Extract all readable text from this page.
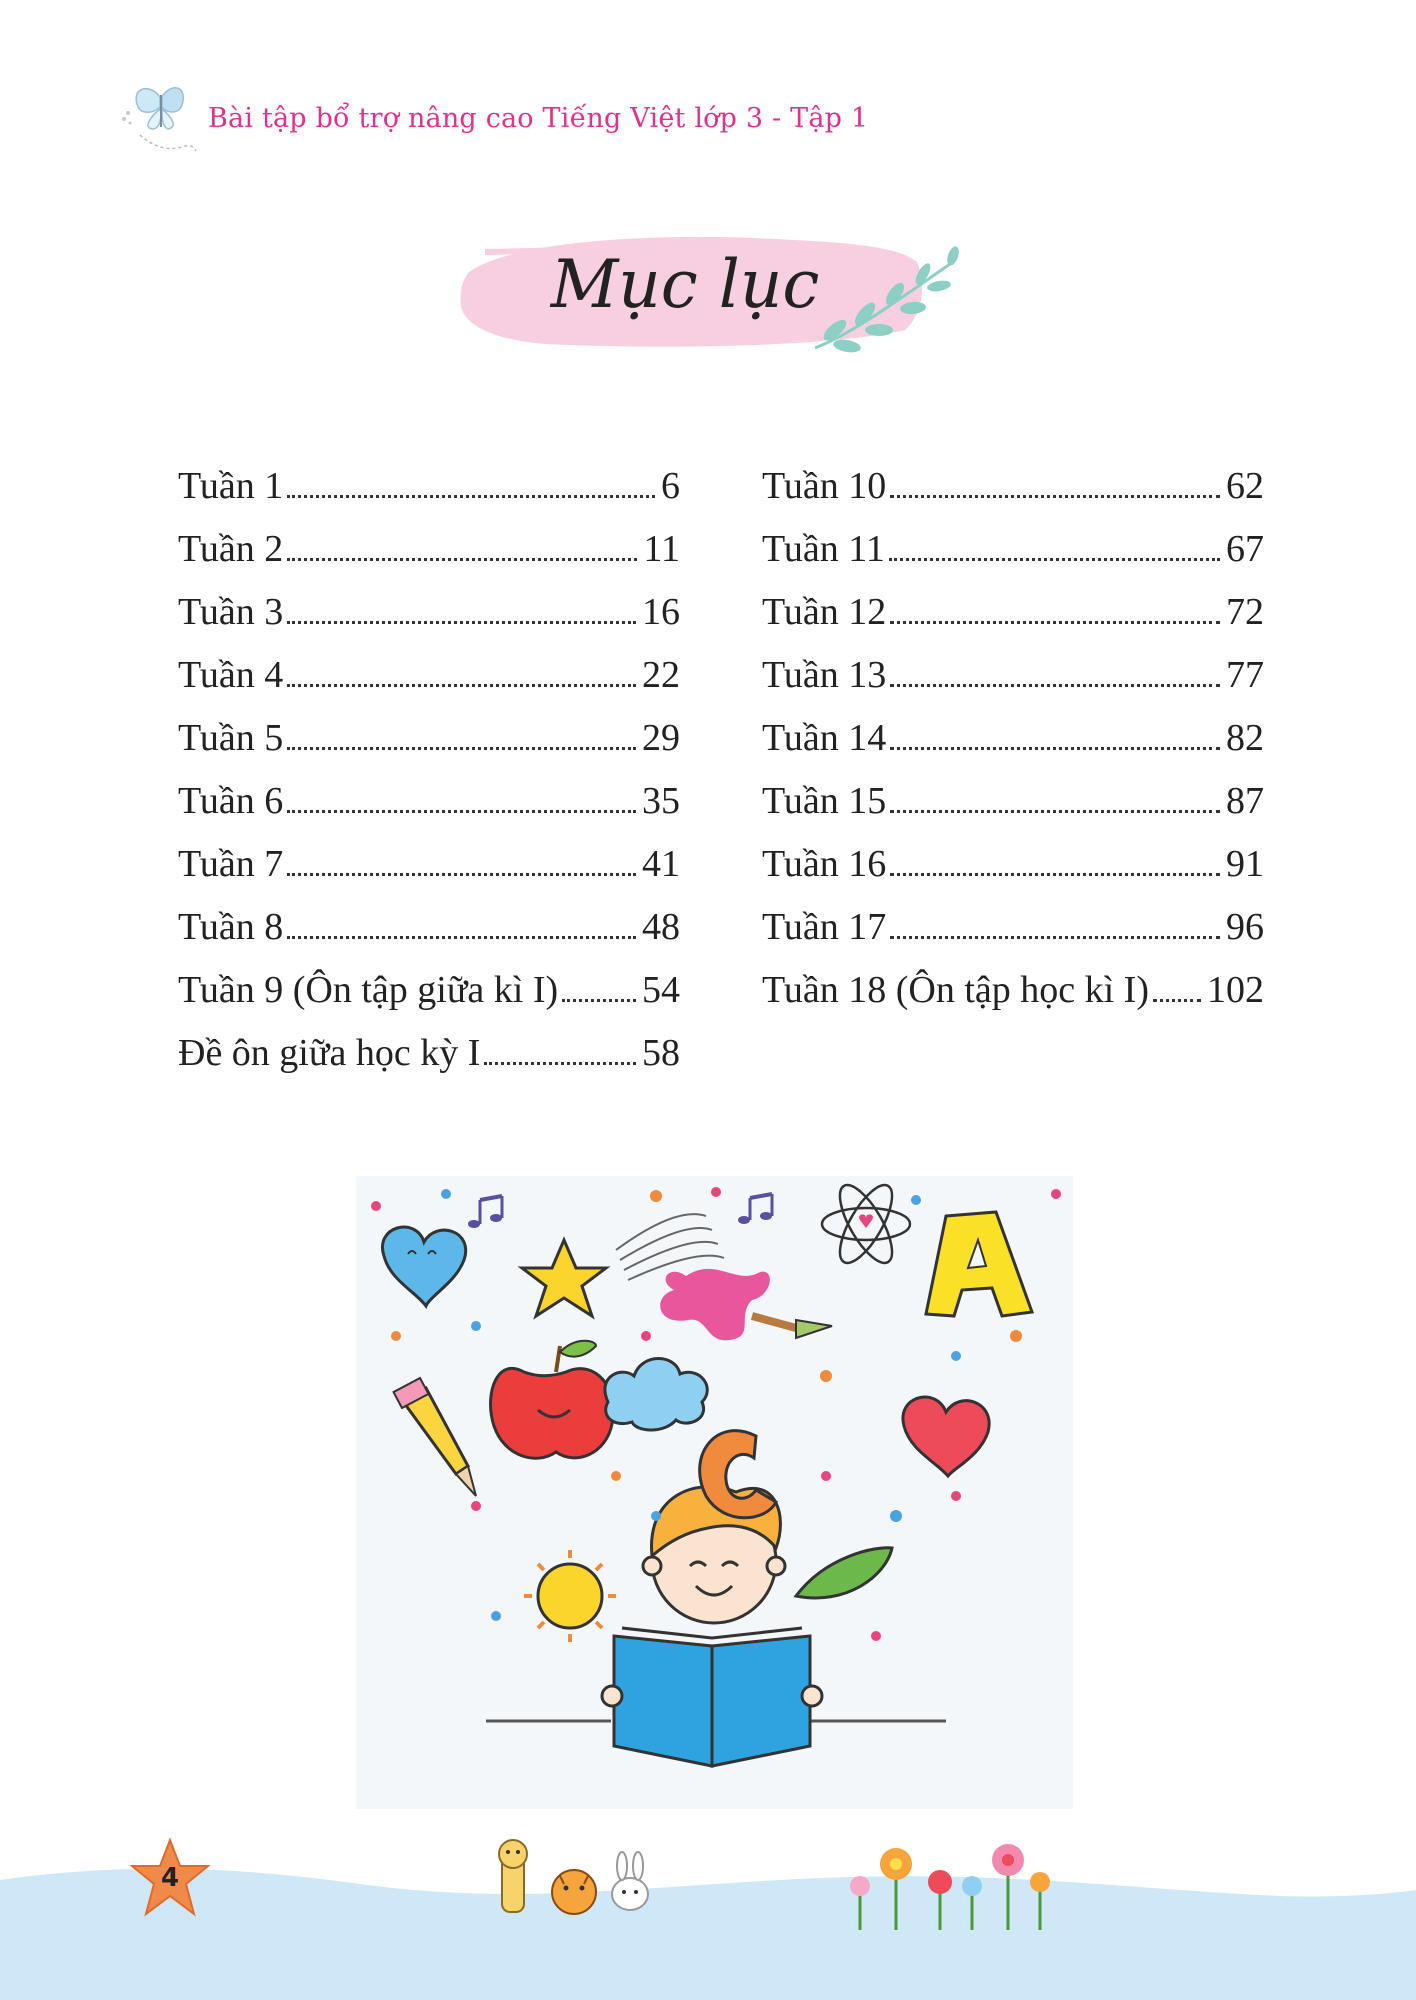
Bài tập bổ trợ nâng cao Tiếng Việt lớp 3 - Tập 1
Mục lục
Tuần 1	6
Tuần 2	11
Tuần 3	16
Tuần 4	22
Tuần 5	29
Tuần 6	35
Tuần 7	41
Tuần 8	48
Tuần 9 (Ôn tập giữa kì I) 54
Đề ôn giữa học kỳ I	58
Tuần 10	62
Tuần 11	67
Tuần 12	72
Tuần 13	77
Tuần 14	82
Tuần 15	87
Tuần 16	91
Tuần 17	96
Tuần 18 (Ôn tập học kì I) 102
A
C
4
